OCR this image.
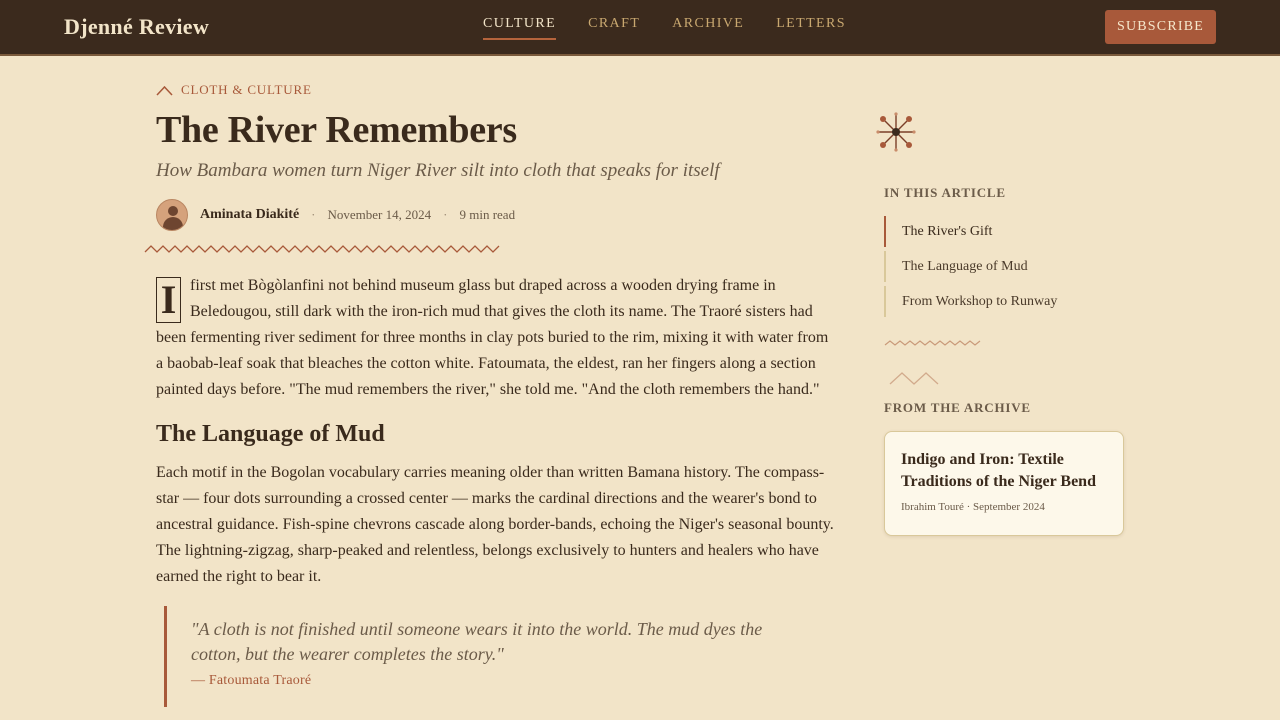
Djenné Review	CULTURE CRAFT ARCHIVE LETTERS	SUBSCRIBE
CLOTH & CULTURE
The River Remembers
How Bambara women turn Niger River silt into cloth that speaks for itself
Aminata Diakité · November 14, 2024 · 9 min read
I first met Bògòlanfini not behind museum glass but draped across a wooden drying frame in Beledougou, still dark with the iron-rich mud that gives the cloth its name. The Traoré sisters had been fermenting river sediment for three months in clay pots buried to the rim, mixing it with water from a baobab-leaf soak that bleaches the cotton white. Fatoumata, the eldest, ran her fingers along a section painted days before. "The mud remembers the river," she told me. "And the cloth remembers the hand."
The Language of Mud
Each motif in the Bogolan vocabulary carries meaning older than written Bamana history. The compass-star — four dots surrounding a crossed center — marks the cardinal directions and the wearer's bond to ancestral guidance. Fish-spine chevrons cascade along border-bands, echoing the Niger's seasonal bounty. The lightning-zigzag, sharp-peaked and relentless, belongs exclusively to hunters and healers who have earned the right to bear it.
"A cloth is not finished until someone wears it into the world. The mud dyes the cotton, but the wearer completes the story."
— Fatoumata Traoré
IN THIS ARTICLE
The River's Gift
The Language of Mud
From Workshop to Runway
FROM THE ARCHIVE
Indigo and Iron: Textile Traditions of the Niger Bend
Ibrahim Touré · September 2024
